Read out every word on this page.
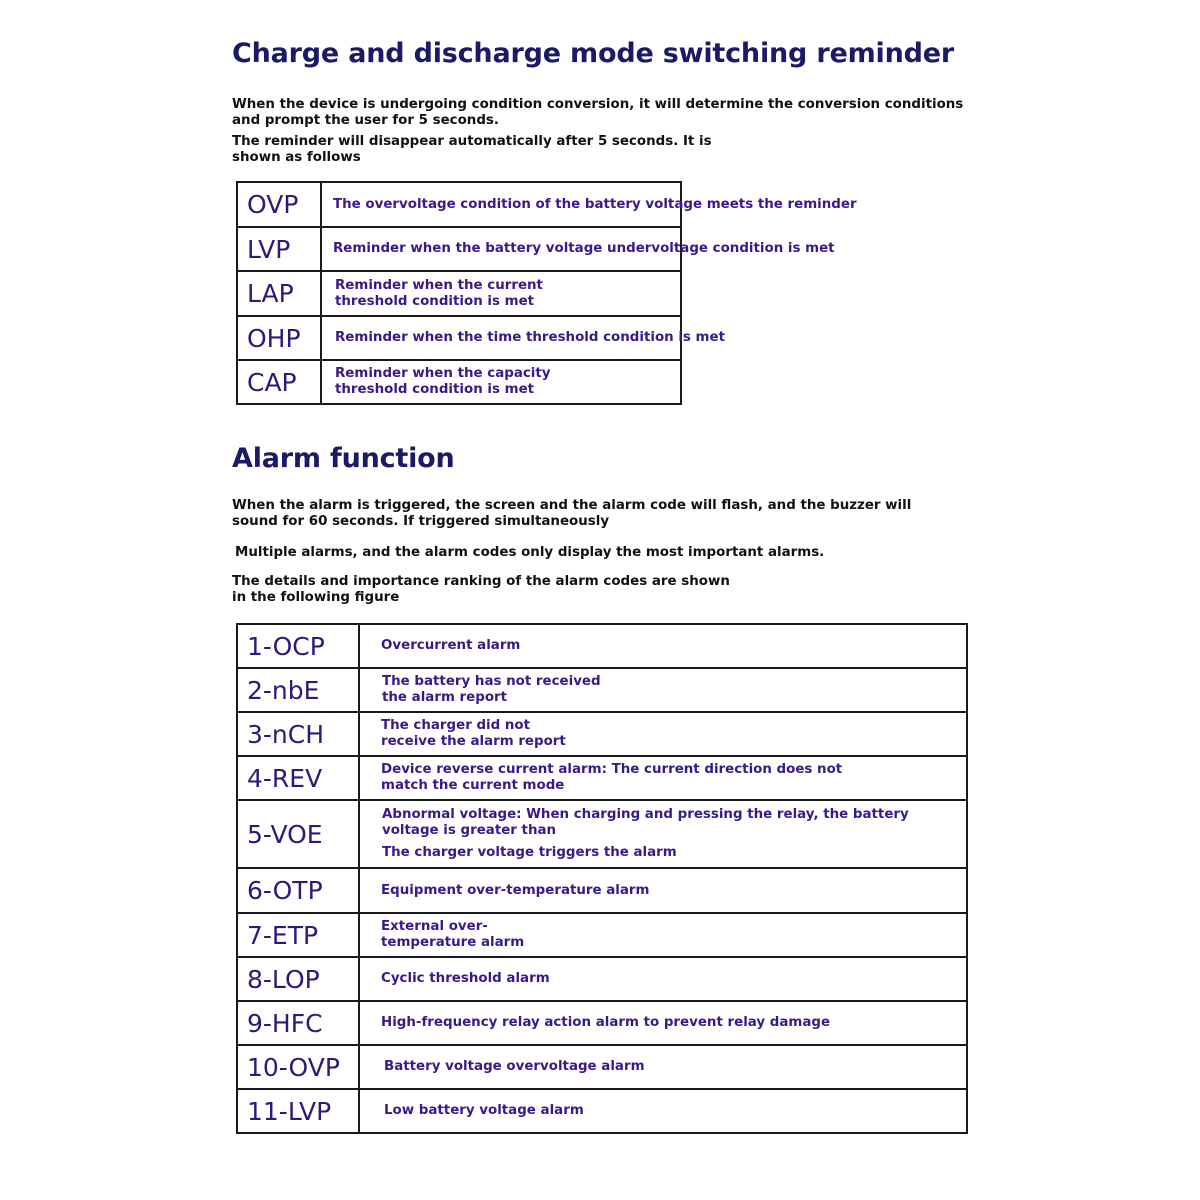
Charge and discharge mode switching reminder

When the device is undergoing condition conversion, it will determine the conversion conditions and prompt the user for 5 seconds.

The reminder will disappear automatically after 5 seconds. It is shown as follows

OVP	The overvoltage condition of the battery voltage meets the reminder

LVP	Reminder when the battery voltage undervoltage condition is met

LAP	Reminder when the current threshold condition is met

OHP	Reminder when the time threshold condition is met

CAP	Reminder when the capacity threshold condition is met
Alarm function

When the alarm is triggered, the screen and the alarm code will flash, and the buzzer will sound for 60 seconds. If triggered simultaneously

Multiple alarms, and the alarm codes only display the most important alarms.

The details and importance ranking of the alarm codes are shown in the following figure

1-OCP	Overcurrent alarm

2-nbE	The battery has not received the alarm report

3-nCH	The charger did not receive the alarm report

4-REV	Device reverse current alarm: The current direction does not match the current mode

5-VOE	Abnormal voltage: When charging and pressing the relay, the battery voltage is greater than
The charger voltage triggers the alarm

6-OTP	Equipment over-temperature alarm

7-ETP	External over-temperature alarm

8-LOP	Cyclic threshold alarm

9-HFC	High-frequency relay action alarm to prevent relay damage

10-OVP	Battery voltage overvoltage alarm

11-LVP	Low battery voltage alarm
